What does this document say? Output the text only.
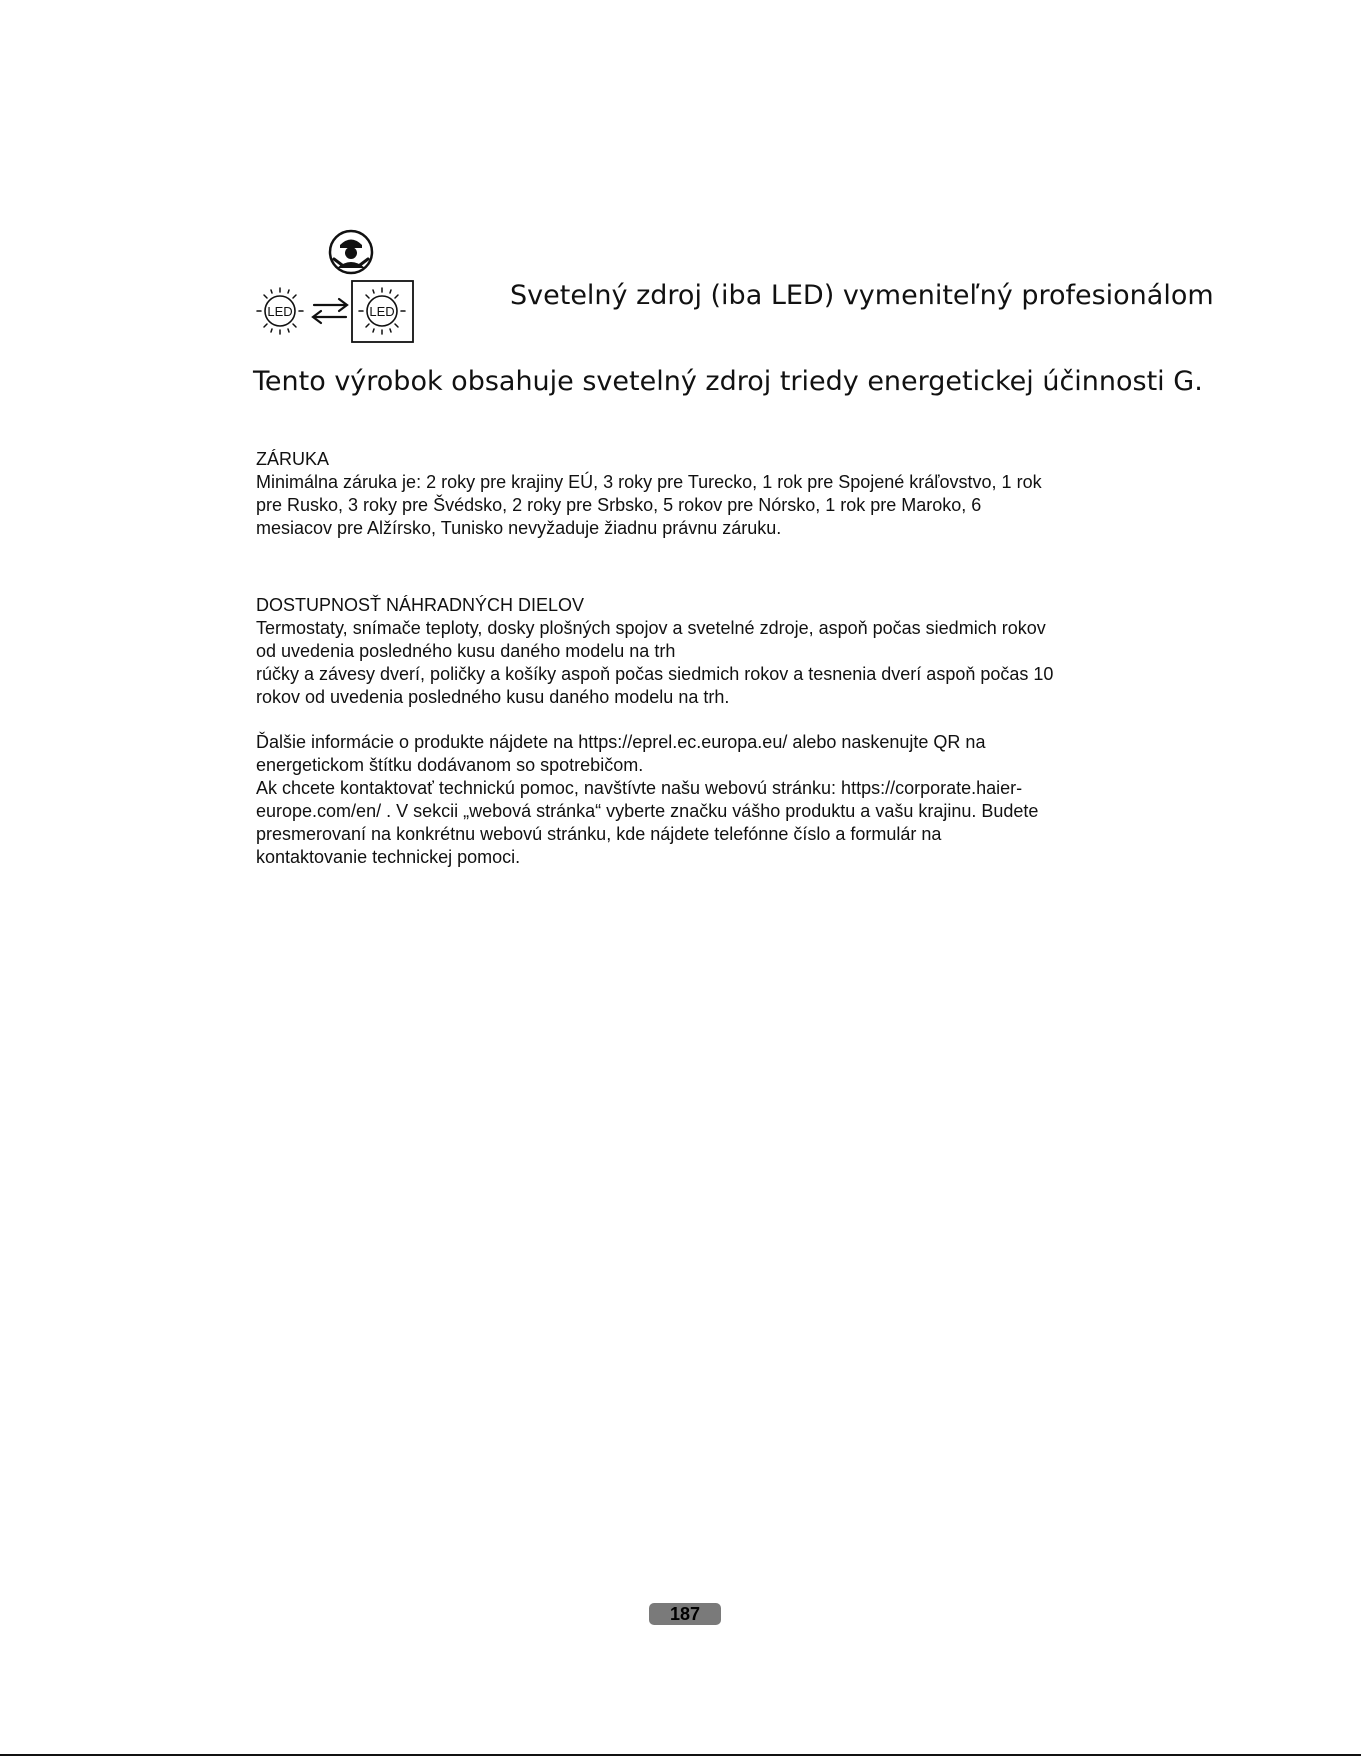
LED	LED
Svetelný zdroj (iba LED) vymeniteľný profesionálom
Tento výrobok obsahuje svetelný zdroj triedy energetickej účinnosti G.

ZÁRUKA

Minimálna záruka je: 2 roky pre krajiny EÚ, 3 roky pre Turecko, 1 rok pre Spojené kráľovstvo, 1 rok
pre Rusko, 3 roky pre Švédsko, 2 roky pre Srbsko, 5 rokov pre Nórsko, 1 rok pre Maroko, 6
mesiacov pre Alžírsko, Tunisko nevyžaduje žiadnu právnu záruku.

DOSTUPNOSŤ NÁHRADNÝCH DIELOV

Termostaty, snímače teploty, dosky plošných spojov a svetelné zdroje, aspoň počas siedmich rokov
od uvedenia posledného kusu daného modelu na trh
rúčky a závesy dverí, poličky a košíky aspoň počas siedmich rokov a tesnenia dverí aspoň počas 10
rokov od uvedenia posledného kusu daného modelu na trh.

Ďalšie informácie o produkte nájdete na https://eprel.ec.europa.eu/ alebo naskenujte QR na
energetickom štítku dodávanom so spotrebičom.
Ak chcete kontaktovať technickú pomoc, navštívte našu webovú stránku: https://corporate.haier-
europe.com/en/ . V sekcii „webová stránka“ vyberte značku vášho produktu a vašu krajinu. Budete
presmerovaní na konkrétnu webovú stránku, kde nájdete telefónne číslo a formulár na
kontaktovanie technickej pomoci.

187
